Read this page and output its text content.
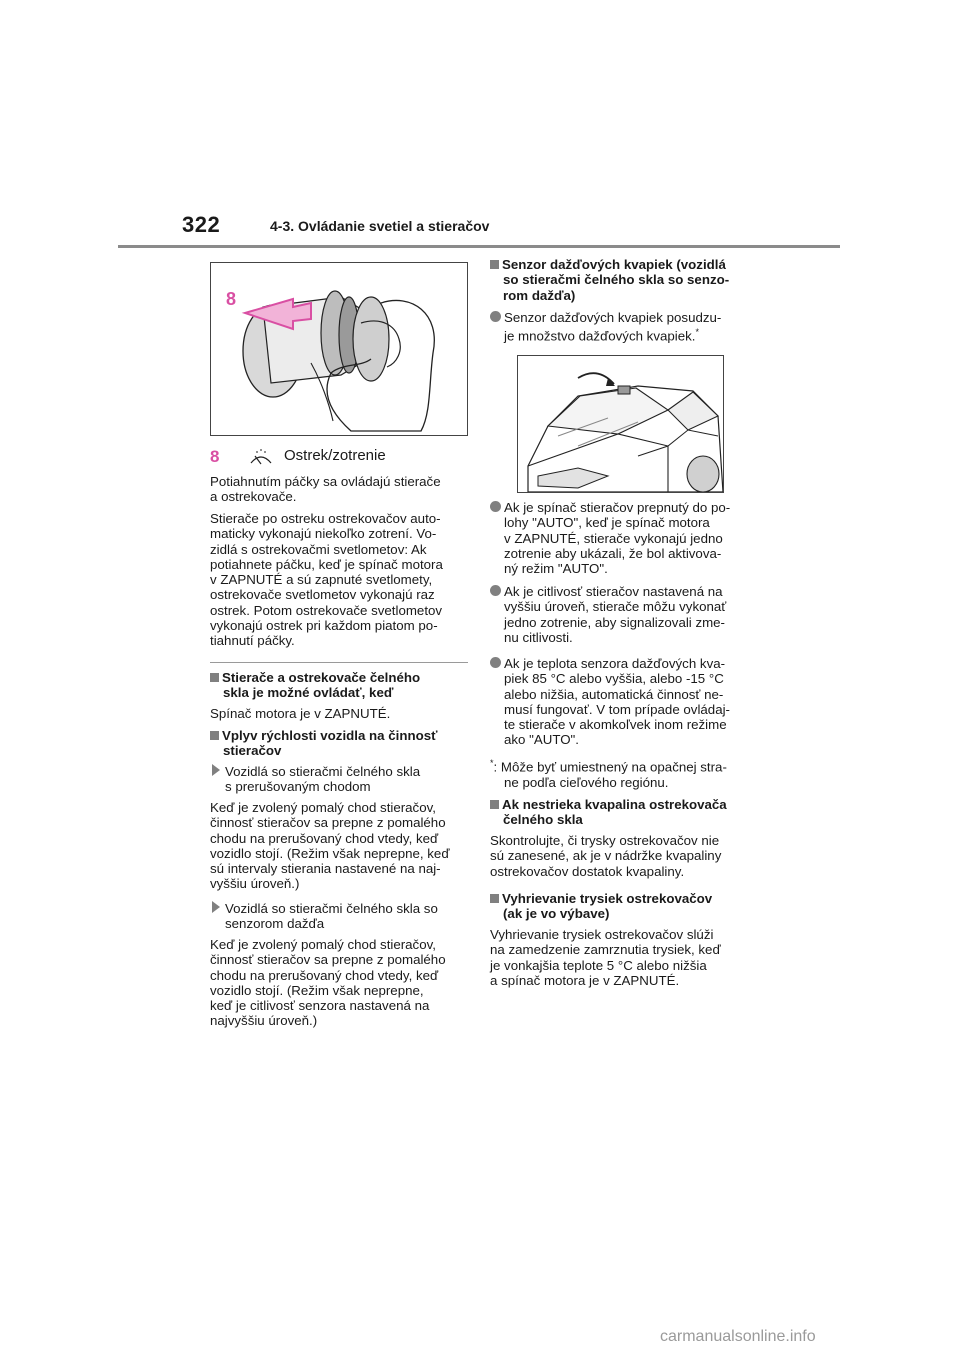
322	4-3. Ovládanie svetiel a stieračov
8
8	Ostrek/zotrenie
Potiahnutím páčky sa ovládajú stierače
a ostrekovače.
Stierače po ostreku ostrekovačov auto-
maticky vykonajú niekoľko zotrení. Vo-
zidlá s ostrekovačmi svetlometov: Ak
potiahnete páčku, keď je spínač motora
v ZAPNUTÉ a sú zapnuté svetlomety,
ostrekovače svetlometov vykonajú raz
ostrek. Potom ostrekovače svetlometov
vykonajú ostrek pri každom piatom po-
tiahnutí páčky.
Stierače a ostrekovače čelného
skla je možné ovládať, keď
Spínač motora je v ZAPNUTÉ.
Vplyv rýchlosti vozidla na činnosť
stieračov
Vozidlá so stieračmi čelného skla
s prerušovaným chodom
Keď je zvolený pomalý chod stieračov,
činnosť stieračov sa prepne z pomalého
chodu na prerušovaný chod vtedy, keď
vozidlo stojí. (Režim však neprepne, keď
sú intervaly stierania nastavené na naj-
vyššiu úroveň.)
Vozidlá so stieračmi čelného skla so
senzorom dažďa
Keď je zvolený pomalý chod stieračov,
činnosť stieračov sa prepne z pomalého
chodu na prerušovaný chod vtedy, keď
vozidlo stojí. (Režim však neprepne,
keď je citlivosť senzora nastavená na
najvyššiu úroveň.)
Senzor dažďových kvapiek (vozidlá
so stieračmi čelného skla so senzo-
rom dažďa)
Senzor dažďových kvapiek posudzu-
je množstvo dažďových kvapiek.*
Ak je spínač stieračov prepnutý do po-
lohy "AUTO", keď je spínač motora
v ZAPNUTÉ, stierače vykonajú jedno
zotrenie aby ukázali, že bol aktivova-
ný režim "AUTO".
Ak je citlivosť stieračov nastavená na
vyššiu úroveň, stierače môžu vykonať
jedno zotrenie, aby signalizovali zme-
nu citlivosti.
Ak je teplota senzora dažďových kva-
piek 85 °C alebo vyššia, alebo -15 °C
alebo nižšia, automatická činnosť ne-
musí fungovať. V tom prípade ovládaj-
te stierače v akomkoľvek inom režime
ako "AUTO".
*: Môže byť umiestnený na opačnej stra-
ne podľa cieľového regiónu.
Ak nestrieka kvapalina ostrekovača
čelného skla
Skontrolujte, či trysky ostrekovačov nie
sú zanesené, ak je v nádržke kvapaliny
ostrekovačov dostatok kvapaliny.
Vyhrievanie trysiek ostrekovačov
(ak je vo výbave)
Vyhrievanie trysiek ostrekovačov slúži
na zamedzenie zamrznutia trysiek, keď
je vonkajšia teplote 5 °C alebo nižšia
a spínač motora je v ZAPNUTÉ.
carmanualsonline.info
